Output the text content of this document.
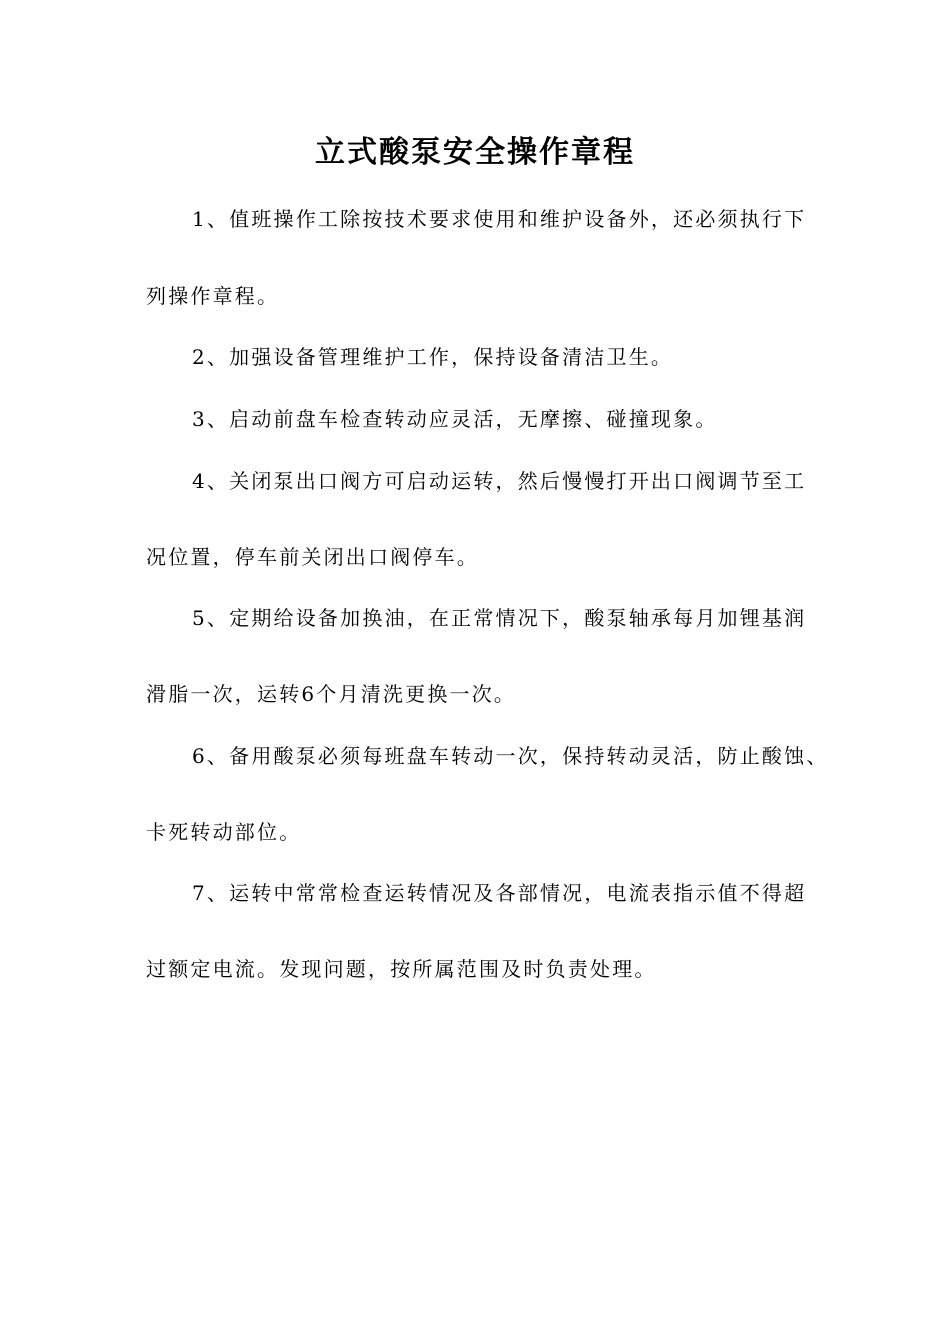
立式酸泵安全操作章程
1、值班操作工除按技术要求使用和维护设备外，还必须执行下
列操作章程。
2、加强设备管理维护工作，保持设备清洁卫生。
3、启动前盘车检查转动应灵活，无摩擦、碰撞现象。
4、关闭泵出口阀方可启动运转，然后慢慢打开出口阀调节至工
况位置，停车前关闭出口阀停车。
5、定期给设备加换油，在正常情况下，酸泵轴承每月加锂基润
滑脂一次，运转6个月清洗更换一次。
6、备用酸泵必须每班盘车转动一次，保持转动灵活，防止酸蚀、
卡死转动部位。
7、运转中常常检查运转情况及各部情况，电流表指示值不得超
过额定电流。发现问题，按所属范围及时负责处理。
